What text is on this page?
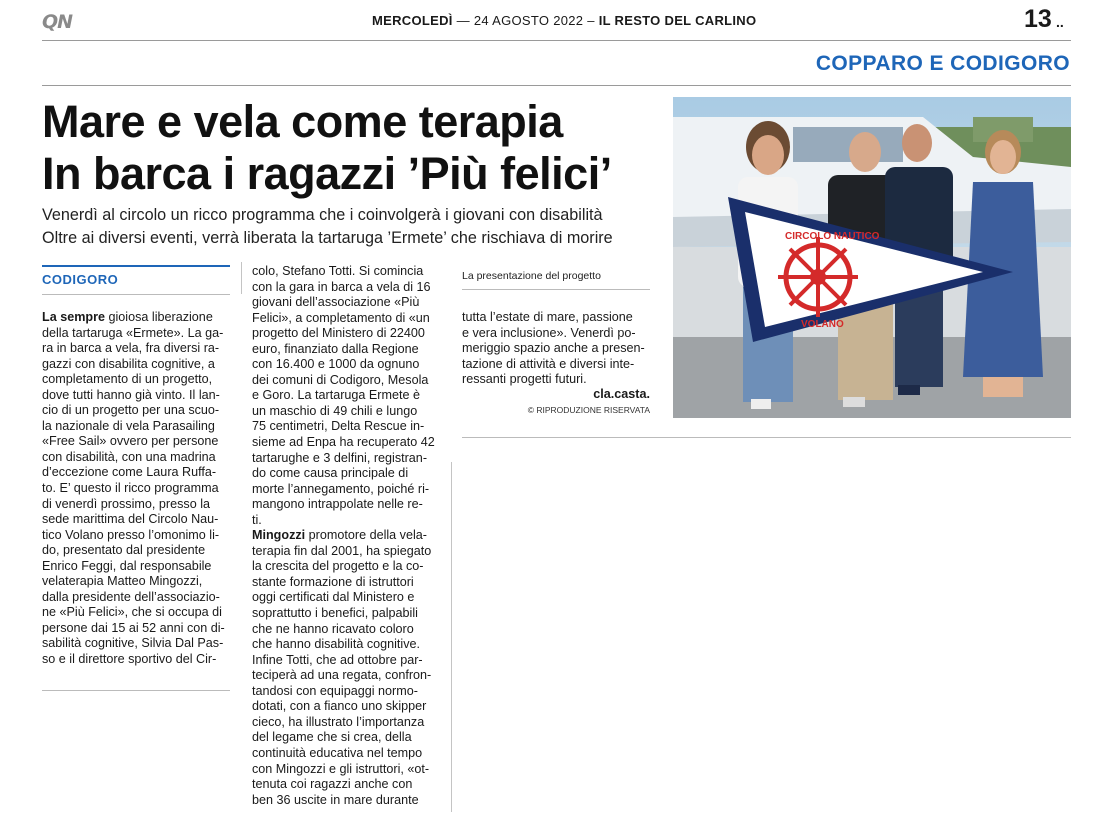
QN	MERCOLEDÌ — 24 AGOSTO 2022 – IL RESTO DEL CARLINO	13 ..
COPPARO E CODIGORO
Mare e vela come terapia
In barca i ragazzi ’Più felici’
Venerdì al circolo un ricco programma che i coinvolgerà i giovani con disabilità
Oltre ai diversi eventi, verrà liberata la tartaruga ’Ermete’ che rischiava di morire
CODIGORO
La sempre gioiosa liberazione
della tartaruga «Ermete». La ga-
ra in barca a vela, fra diversi ra-
gazzi con disabilita cognitive, a
completamento di un progetto,
dove tutti hanno già vinto. Il lan-
cio di un progetto per una scuo-
la nazionale di vela Parasailing
«Free Sail» ovvero per persone
con disabilità, con una madrina
d’eccezione come Laura Ruffa-
to. E’ questo il ricco programma
di venerdì prossimo, presso la
sede marittima del Circolo Nau-
tico Volano presso l’omonimo li-
do, presentato dal presidente
Enrico Feggi, dal responsabile
velaterapia Matteo Mingozzi,
dalla presidente dell’associazio-
ne «Più Felici», che si occupa di
persone dai 15 ai 52 anni con di-
sabilità cognitive, Silvia Dal Pas-
so e il direttore sportivo del Cir-
colo, Stefano Totti. Si comincia
con la gara in barca a vela di 16
giovani dell’associazione «Più
Felici», a completamento di «un
progetto del Ministero di 22400
euro, finanziato dalla Regione
con 16.400 e 1000 da ognuno
dei comuni di Codigoro, Mesola
e Goro. La tartaruga Ermete è
un maschio di 49 chili e lungo
75 centimetri, Delta Rescue in-
sieme ad Enpa ha recuperato 42
tartarughe e 3 delfini, registran-
do come causa principale di
morte l’annegamento, poiché ri-
mangono intrappolate nelle re-
ti.
Mingozzi promotore della vela-
terapia fin dal 2001, ha spiegato
la crescita del progetto e la co-
stante formazione di istruttori
oggi certificati dal Ministero e
soprattutto i benefici, palpabili
che ne hanno ricavato coloro
che hanno disabilità cognitive.
Infine Totti, che ad ottobre par-
teciperà ad una regata, confron-
tandosi con equipaggi normo-
dotati, con a fianco uno skipper
cieco, ha illustrato l’importanza
del legame che si crea, della
continuità educativa nel tempo
con Mingozzi e gli istruttori, «ot-
tenuta coi ragazzi anche con
ben 36 uscite in mare durante
La presentazione del progetto
tutta l’estate di mare, passione
e vera inclusione». Venerdì po-
meriggio spazio anche a presen-
tazione di attività e diversi inte-
ressanti progetti futuri.
cla.casta.
© RIPRODUZIONE RISERVATA
CIRCOLO NAUTICO
VOLANO
